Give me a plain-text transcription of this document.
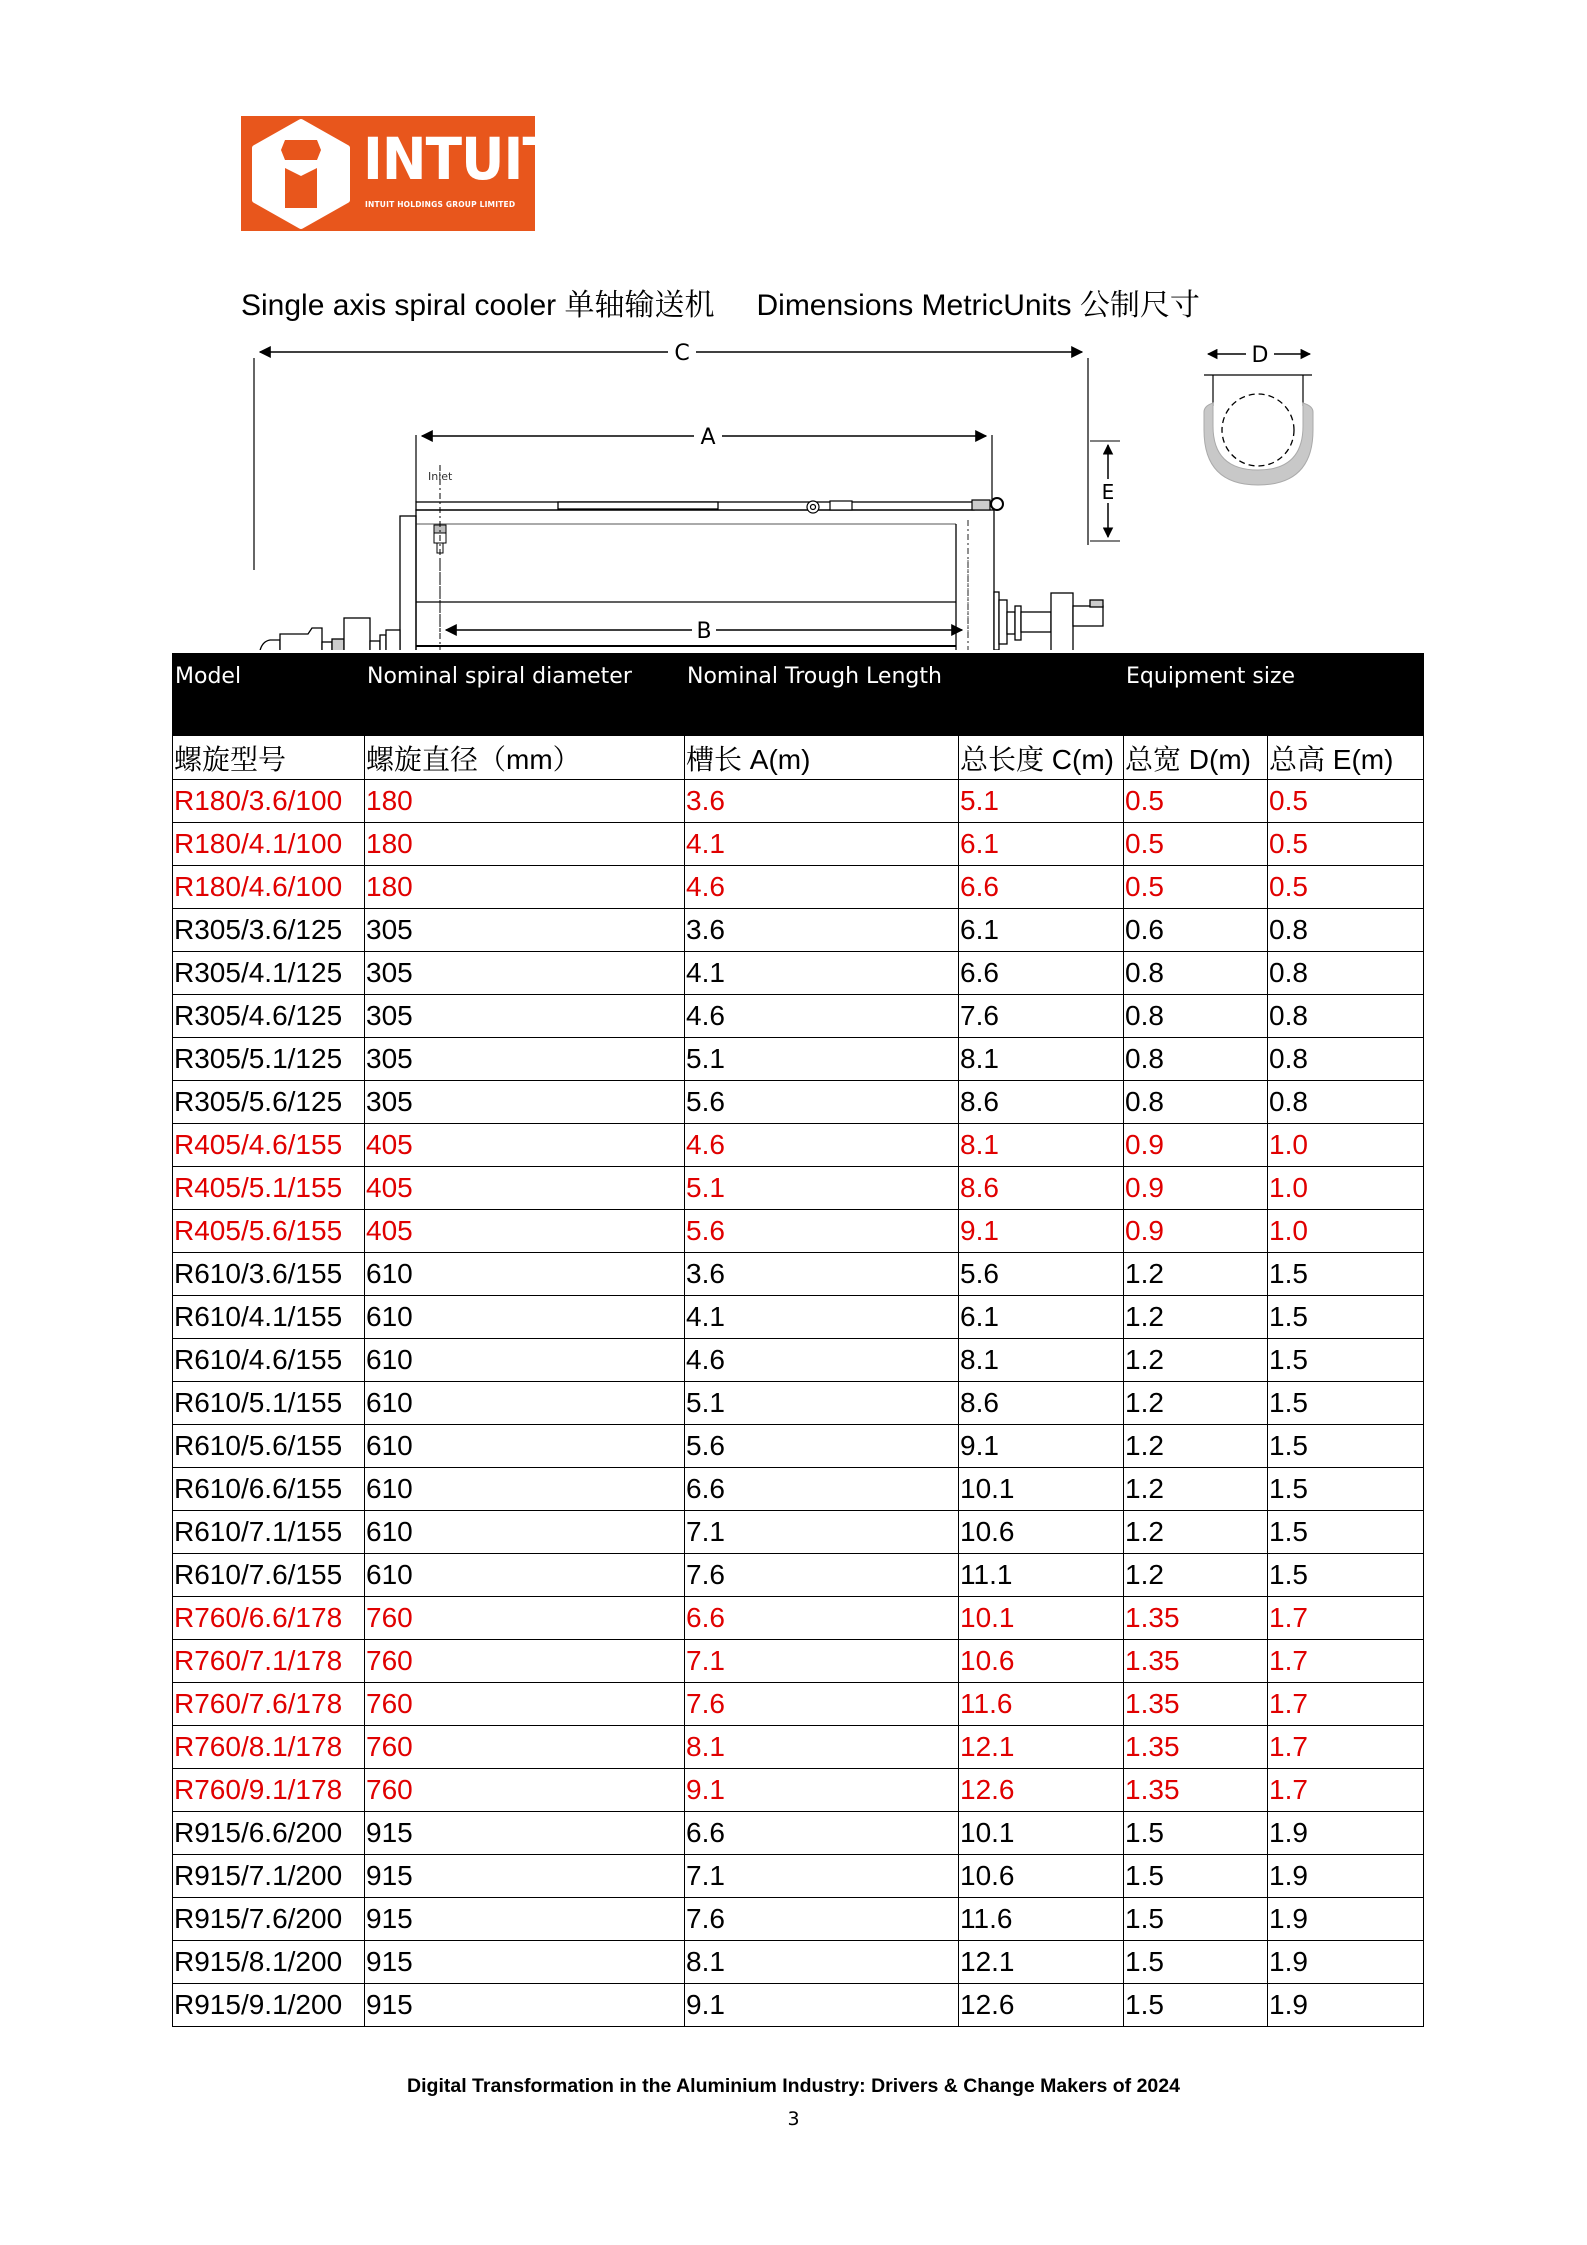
INTUIT
INTUIT HOLDINGS GROUP LIMITED
Single axis spiral cooler 单轴输送机 Dimensions MetricUnits 公制尺寸
C
A
Inlet
B
E
D
Model	Nominal spiral diameter	Nominal Trough Length		Equipment size	
螺旋型号	螺旋直径（mm）	槽长 A(m)	总长度 C(m)	总宽 D(m)	总高 E(m)
R180/3.6/100	180	3.6	5.1	0.5	0.5
R180/4.1/100	180	4.1	6.1	0.5	0.5
R180/4.6/100	180	4.6	6.6	0.5	0.5
R305/3.6/125	305	3.6	6.1	0.6	0.8
R305/4.1/125	305	4.1	6.6	0.8	0.8
R305/4.6/125	305	4.6	7.6	0.8	0.8
R305/5.1/125	305	5.1	8.1	0.8	0.8
R305/5.6/125	305	5.6	8.6	0.8	0.8
R405/4.6/155	405	4.6	8.1	0.9	1.0
R405/5.1/155	405	5.1	8.6	0.9	1.0
R405/5.6/155	405	5.6	9.1	0.9	1.0
R610/3.6/155	610	3.6	5.6	1.2	1.5
R610/4.1/155	610	4.1	6.1	1.2	1.5
R610/4.6/155	610	4.6	8.1	1.2	1.5
R610/5.1/155	610	5.1	8.6	1.2	1.5
R610/5.6/155	610	5.6	9.1	1.2	1.5
R610/6.6/155	610	6.6	10.1	1.2	1.5
R610/7.1/155	610	7.1	10.6	1.2	1.5
R610/7.6/155	610	7.6	11.1	1.2	1.5
R760/6.6/178	760	6.6	10.1	1.35	1.7
R760/7.1/178	760	7.1	10.6	1.35	1.7
R760/7.6/178	760	7.6	11.6	1.35	1.7
R760/8.1/178	760	8.1	12.1	1.35	1.7
R760/9.1/178	760	9.1	12.6	1.35	1.7
R915/6.6/200	915	6.6	10.1	1.5	1.9
R915/7.1/200	915	7.1	10.6	1.5	1.9
R915/7.6/200	915	7.6	11.6	1.5	1.9
R915/8.1/200	915	8.1	12.1	1.5	1.9
R915/9.1/200	915	9.1	12.6	1.5	1.9
Digital Transformation in the Aluminium Industry: Drivers & Change Makers of 2024
3
